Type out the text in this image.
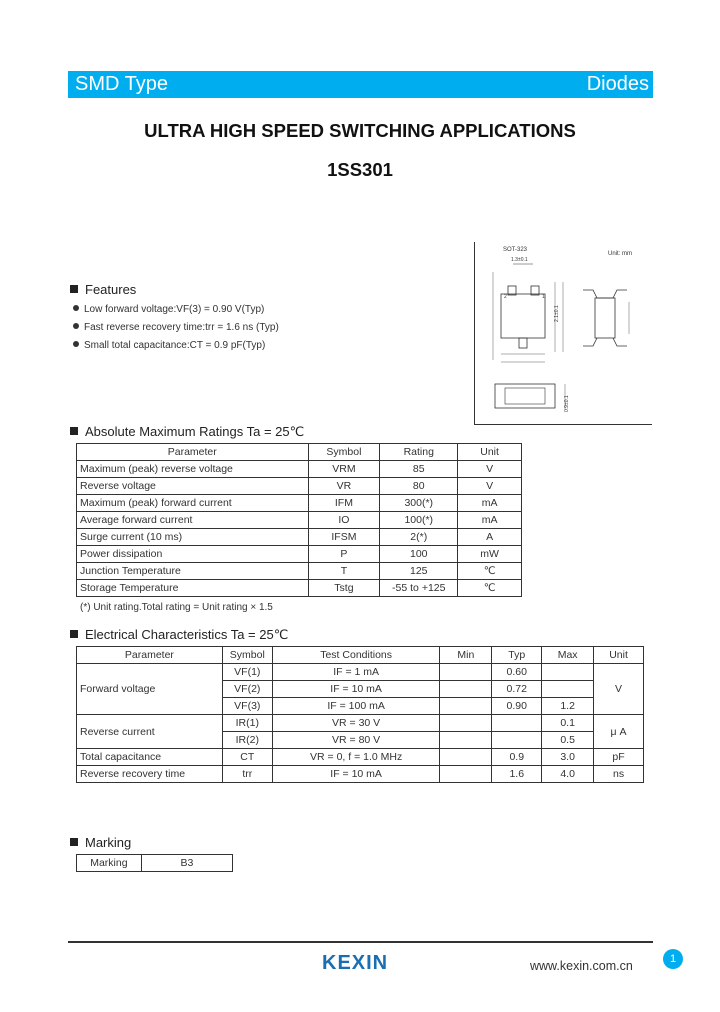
SMD Type	Diodes
ULTRA HIGH SPEED SWITCHING APPLICATIONS
1SS301
SOT-323
Unit: mm
1.3±0.1
2	1
2.1±0.1
0.9±0.1
Features
Low forward voltage:VF(3) = 0.90 V(Typ)
Fast reverse recovery time:trr = 1.6 ns (Typ)
Small total capacitance:CT = 0.9 pF(Typ)
Absolute Maximum Ratings Ta = 25℃
Parameter	Symbol	Rating	Unit
Maximum (peak) reverse voltage	VRM	85	V
Reverse voltage	VR	80	V
Maximum (peak) forward current	IFM	300(*)	mA
Average forward current	IO	100(*)	mA
Surge current (10 ms)	IFSM	2(*)	A
Power dissipation	P	100	mW
Junction Temperature	T	125	℃
Storage Temperature	Tstg	-55 to +125	℃
(*) Unit rating.Total rating = Unit rating × 1.5
Electrical Characteristics Ta = 25℃
Parameter	Symbol	Test Conditions	Min	Typ	Max	Unit
Forward voltage	VF(1)	IF = 1 mA		0.60		V
	VF(2)	IF = 10 mA		0.72		
	VF(3)	IF = 100 mA		0.90	1.2	
Reverse current	IR(1)	VR = 30 V			0.1	μ A
	IR(2)	VR = 80 V			0.5	
Total capacitance	CT	VR = 0, f = 1.0 MHz		0.9	3.0	pF
Reverse recovery time	trr	IF = 10 mA		1.6	4.0	ns
Marking
Marking	B3
KEXIN	www.kexin.com.cn	1
